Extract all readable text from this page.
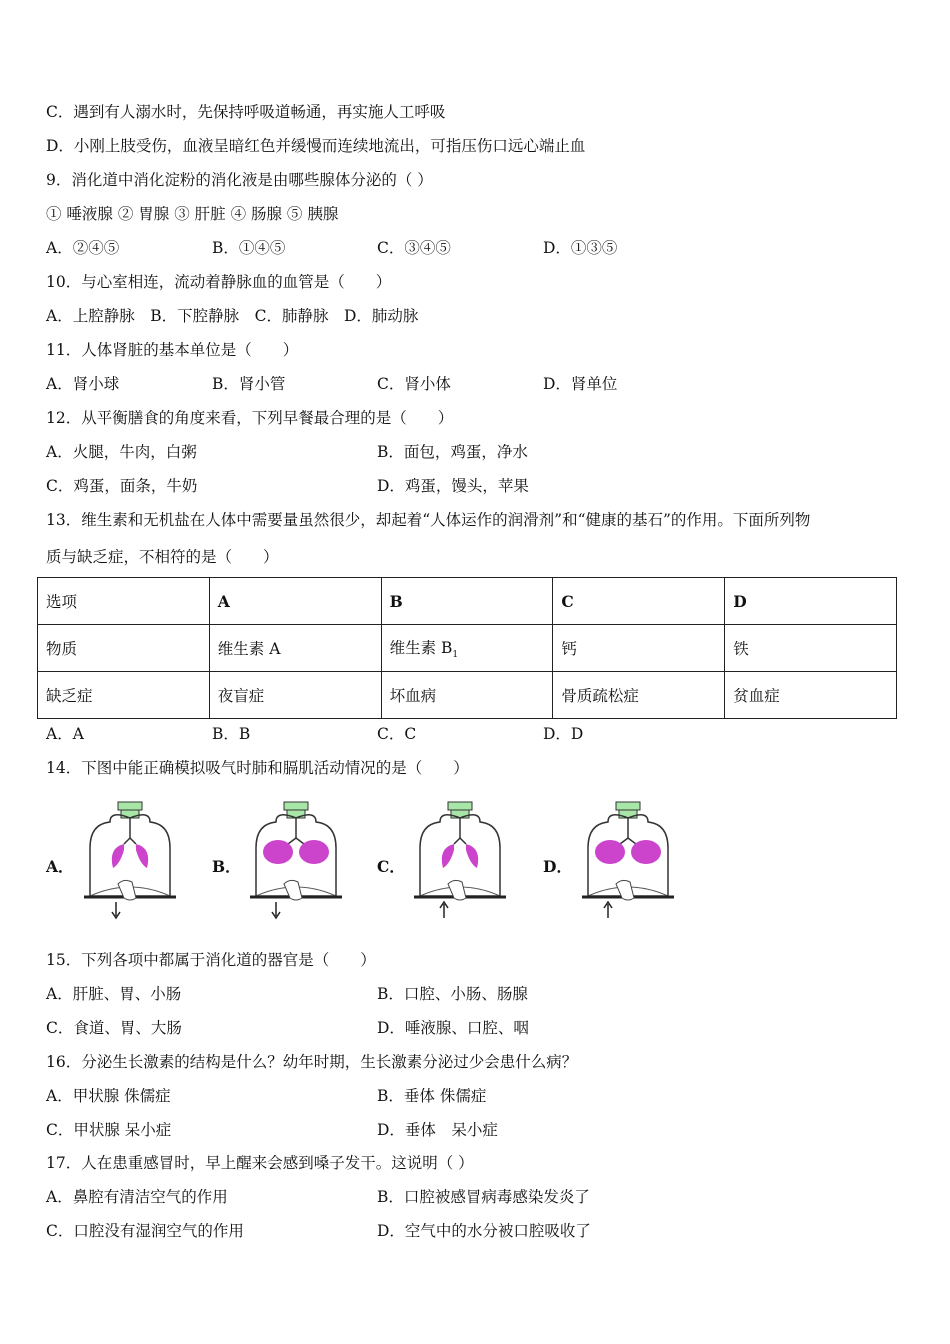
C．遇到有人溺水时，先保持呼吸道畅通，再实施人工呼吸
D．小刚上肢受伤，血液呈暗红色并缓慢而连续地流出，可指压伤口远心端止血
9．消化道中消化淀粉的消化液是由哪些腺体分泌的（ ）
① 唾液腺 ② 胃腺 ③ 肝脏 ④ 肠腺 ⑤ 胰腺
A．②④⑤	B．①④⑤	C．③④⑤	D．①③⑤
10．与心室相连，流动着静脉血的血管是（　　）
A．上腔静脉　B．下腔静脉　C．肺静脉　D．肺动脉
11．人体肾脏的基本单位是（　　）
A．肾小球	B．肾小管	C．肾小体	D．肾单位
12．从平衡膳食的角度来看，下列早餐最合理的是（　　）
A．火腿，牛肉，白粥	B．面包，鸡蛋，净水
C．鸡蛋，面条，牛奶	D．鸡蛋，馒头，苹果
13．维生素和无机盐在人体中需要量虽然很少，却起着“人体运作的润滑剂”和“健康的基石”的作用。下面所列物
质与缺乏症，不相符的是（　　）
选项	A	B	C	D
物质	维生素 A	维生素 $B_1$	钙	铁
缺乏症	夜盲症	坏血病	骨质疏松症	贫血症
A．A	B．B	C．C	D．D
14．下图中能正确模拟吸气时肺和膈肌活动情况的是（　　）
A．	B．	C．	D．
15．下列各项中都属于消化道的器官是（　　）
A．肝脏、胃、小肠	B．口腔、小肠、肠腺
C．食道、胃、大肠	D．唾液腺、口腔、咽
16．分泌生长激素的结构是什么？幼年时期，生长激素分泌过少会患什么病？
A．甲状腺 侏儒症	B．垂体 侏儒症
C．甲状腺 呆小症	D．垂体　呆小症
17．人在患重感冒时，早上醒来会感到嗓子发干。这说明（ ）
A．鼻腔有清洁空气的作用	B．口腔被感冒病毒感染发炎了
C．口腔没有湿润空气的作用	D．空气中的水分被口腔吸收了
